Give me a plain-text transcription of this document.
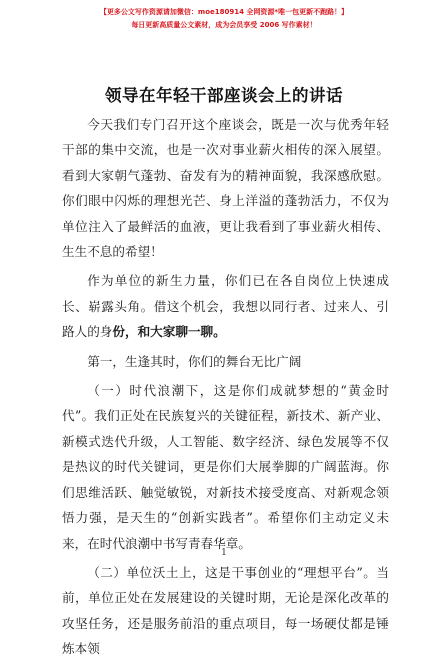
【更多公文写作资源请加微信：moe180914 全网资源*唯一包更新不跑路！】
每日更新高质量公文素材，成为会员享受 2006 写作素材！
领导在年轻干部座谈会上的讲话

今天我们专门召开这个座谈会，既是一次与优秀年轻干部的集中交流，也是一次对事业薪火相传的深入展望。看到大家朝气蓬勃、奋发有为的精神面貌，我深感欣慰。你们眼中闪烁的理想光芒、身上洋溢的蓬勃活力，不仅为单位注入了最鲜活的血液，更让我看到了事业薪火相传、生生不息的希望！

作为单位的新生力量，你们已在各自岗位上快速成长、崭露头角。借这个机会，我想以同行者、过来人、引路人的身份，和大家聊一聊。

第一，生逢其时，你们的舞台无比广阔

（一）时代浪潮下，这是你们成就梦想的“黄金时代”。我们正处在民族复兴的关键征程，新技术、新产业、新模式迭代升级，人工智能、数字经济、绿色发展等不仅是热议的时代关键词，更是你们大展拳脚的广阔蓝海。你们思维活跃、触觉敏锐，对新技术接受度高、对新观念领悟力强，是天生的“创新实践者”。希望你们主动定义未来，在时代浪潮中书写青春华章。

（二）单位沃土上，这是干事创业的“理想平台”。当前，单位正处在发展建设的关键时期，无论是深化改革的攻坚任务，还是服务前沿的重点项目，每一场硬仗都是锤炼本领

1
